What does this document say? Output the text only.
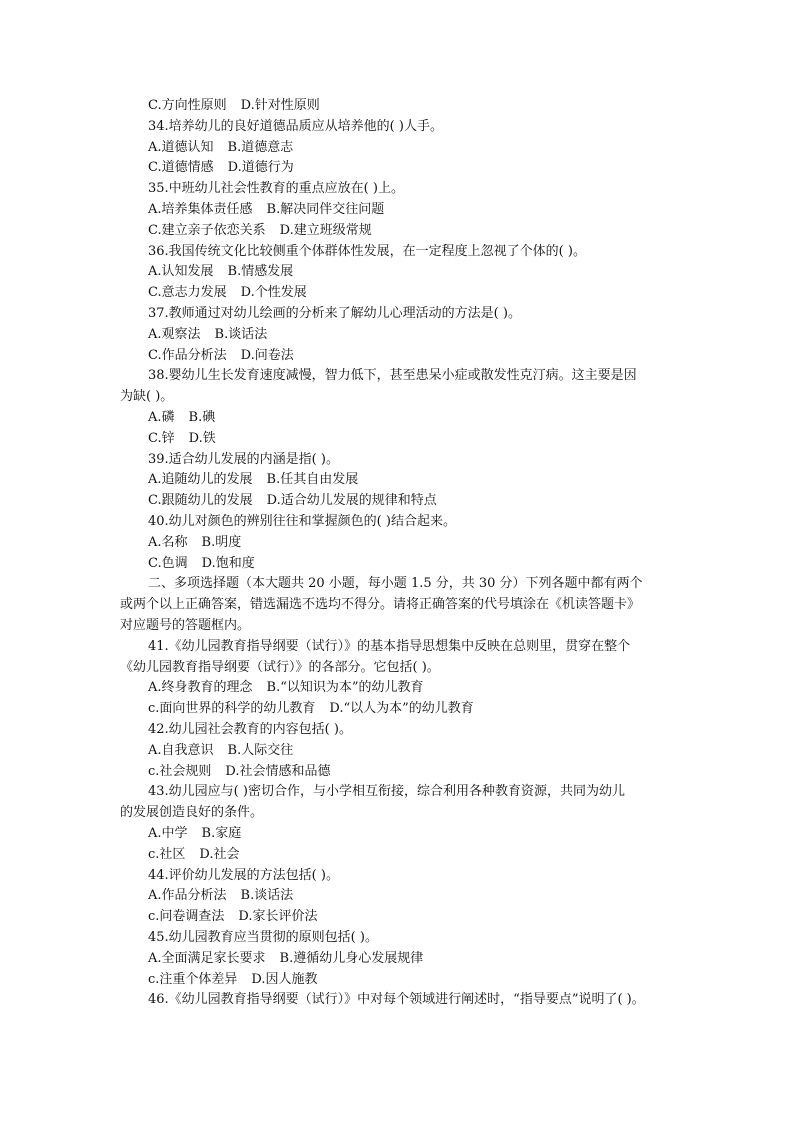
C.方向性原则 D.针对性原则
34.培养幼儿的良好道德品质应从培养他的( )人手。
A.道德认知 B.道德意志
C.道德情感 D.道德行为
35.中班幼儿社会性教育的重点应放在( )上。
A.培养集体责任感 B.解决同伴交往问题
C.建立亲子依恋关系 D.建立班级常规
36.我国传统文化比较侧重个体群体性发展，在一定程度上忽视了个体的( )。
A.认知发展 B.情感发展
C.意志力发展 D.个性发展
37.教师通过对幼儿绘画的分析来了解幼儿心理活动的方法是( )。
A.观察法 B.谈话法
C.作品分析法 D.问卷法
38.婴幼儿生长发育速度减慢，智力低下，甚至患呆小症或散发性克汀病。这主要是因
为缺( )。
A.磷 B.碘
C.锌 D.铁
39.适合幼儿发展的内涵是指( )。
A.追随幼儿的发展 B.任其自由发展
C.跟随幼儿的发展 D.适合幼儿发展的规律和特点
40.幼儿对颜色的辨别往往和掌握颜色的( )结合起来。
A.名称 B.明度
C.色调 D.饱和度
二、多项选择题（本大题共 20 小题，每小题 1.5 分，共 30 分）下列各题中都有两个
或两个以上正确答案，错选漏选不选均不得分。请将正确答案的代号填涂在《机读答题卡》
对应题号的答题框内。
41.《幼儿园教育指导纲要（试行）》的基本指导思想集中反映在总则里，贯穿在整个
《幼儿园教育指导纲要（试行）》的各部分。它包括( )。
A.终身教育的理念 B.“以知识为本”的幼儿教育
c.面向世界的科学的幼儿教育 D.“以人为本”的幼儿教育
42.幼儿园社会教育的内容包括( )。
A.自我意识 B.人际交往
c.社会规则 D.社会情感和品德
43.幼儿园应与( )密切合作，与小学相互衔接，综合利用各种教育资源，共同为幼儿
的发展创造良好的条件。
A.中学 B.家庭
c.社区 D.社会
44.评价幼儿发展的方法包括( )。
A.作品分析法 B.谈话法
c.问卷调查法 D.家长评价法
45.幼儿园教育应当贯彻的原则包括( )。
A.全面满足家长要求 B.遵循幼儿身心发展规律
c.注重个体差异 D.因人施教
46.《幼儿园教育指导纲要（试行）》中对每个领域进行阐述时，“指导要点”说明了( )。
